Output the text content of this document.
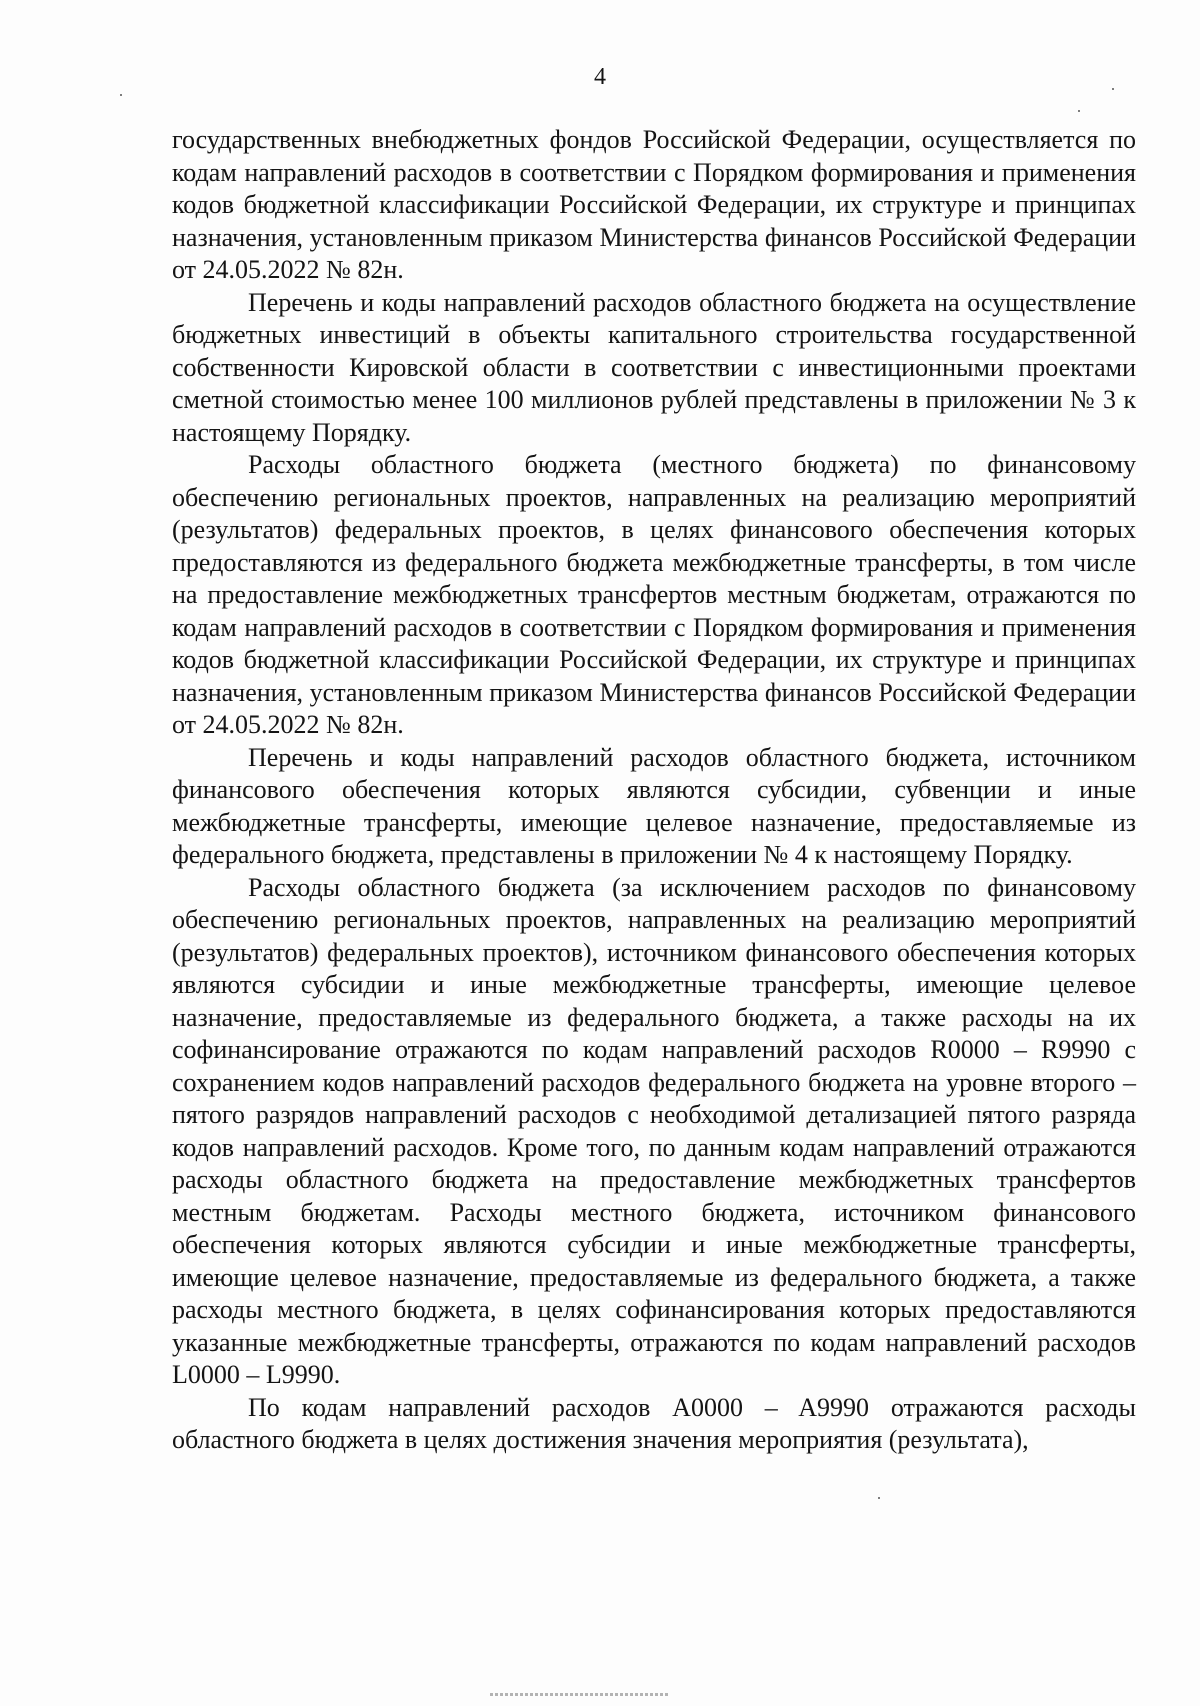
4

государственных внебюджетных фондов Российской Федерации, осуществляется по кодам направлений расходов в соответствии с Порядком формирования и применения кодов бюджетной классификации Российской Федерации, их структуре и принципах назначения, установленным приказом Министерства финансов Российской Федерации от 24.05.2022 № 82н.

Перечень и коды направлений расходов областного бюджета на осуществление бюджетных инвестиций в объекты капитального строительства государственной собственности Кировской области в соответствии с инвестиционными проектами сметной стоимостью менее 100 миллионов рублей представлены в приложении № 3 к настоящему Порядку.

Расходы областного бюджета (местного бюджета) по финансовому обеспечению региональных проектов, направленных на реализацию мероприятий (результатов) федеральных проектов, в целях финансового обеспечения которых предоставляются из федерального бюджета межбюджетные трансферты, в том числе на предоставление межбюджетных трансфертов местным бюджетам, отражаются по кодам направлений расходов в соответствии с Порядком формирования и применения кодов бюджетной классификации Российской Федерации, их структуре и принципах назначения, установленным приказом Министерства финансов Российской Федерации от 24.05.2022 № 82н.

Перечень и коды направлений расходов областного бюджета, источником финансового обеспечения которых являются субсидии, субвенции и иные межбюджетные трансферты, имеющие целевое назначение, предоставляемые из федерального бюджета, представлены в приложении № 4 к настоящему Порядку.

Расходы областного бюджета (за исключением расходов по финансовому обеспечению региональных проектов, направленных на реализацию мероприятий (результатов) федеральных проектов), источником финансового обеспечения которых являются субсидии и иные межбюджетные трансферты, имеющие целевое назначение, предоставляемые из федерального бюджета, а также расходы на их софинансирование отражаются по кодам направлений расходов R0000 – R9990 с сохранением кодов направлений расходов федерального бюджета на уровне второго – пятого разрядов направлений расходов с необходимой детализацией пятого разряда кодов направлений расходов. Кроме того, по данным кодам направлений отражаются расходы областного бюджета на предоставление межбюджетных трансфертов местным бюджетам. Расходы местного бюджета, источником финансового обеспечения которых являются субсидии и иные межбюджетные трансферты, имеющие целевое назначение, предоставляемые из федерального бюджета, а также расходы местного бюджета, в целях софинансирования которых предоставляются указанные межбюджетные трансферты, отражаются по кодам направлений расходов L0000 – L9990.

По кодам направлений расходов A0000 – A9990 отражаются расходы областного бюджета в целях достижения значения мероприятия (результата),
